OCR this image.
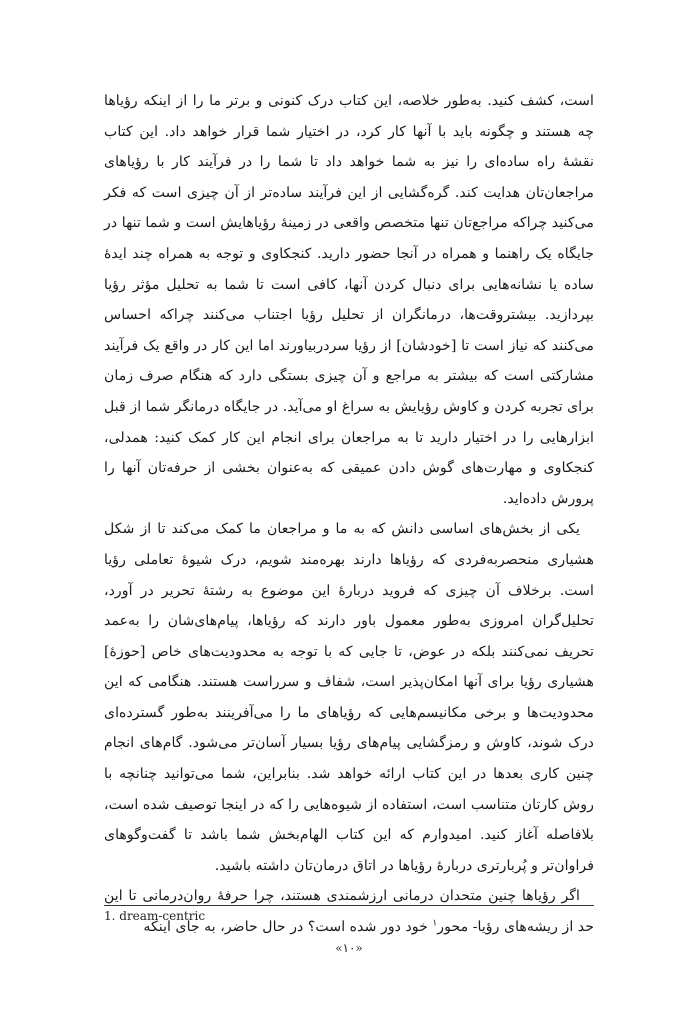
است، کشف کنید. به‌طور خلاصه، این کتاب درک کنونی و برتر ما را از اینکه رؤیاها چه هستند و چگونه باید با آنها کار کرد، در اختیار شما قرار خواهد داد. این کتاب نقشهٔ راه ساده‌ای را نیز به شما خواهد داد تا شما را در فرآیند کار با رؤیاهای مراجعان‌تان هدایت کند. گره‌گشایی از این فرآیند ساده‌تر از آن چیزی است که فکر می‌کنید چراکه مراجع‌تان تنها متخصص واقعی در زمینهٔ رؤیاهایش است و شما تنها در جایگاه یک راهنما و همراه در آنجا حضور دارید. کنجکاوی و توجه به همراه چند ایدهٔ ساده یا نشانه‌هایی برای دنبال کردن آنها، کافی است تا شما به تحلیل مؤثر رؤیا بپردازید. بیشتروقت‌ها، درمانگران از تحلیل رؤیا اجتناب می‌کنند چراکه احساس می‌کنند که نیاز است تا [خودشان] از رؤیا سردربیاورند اما این کار در واقع یک فرآیند مشارکتی است که بیشتر به مراجع و آن چیزی بستگی دارد که هنگام صرف زمان برای تجربه کردن و کاوش رؤیایش به سراغ او می‌آید. در جایگاه درمانگر شما از قبل ابزارهایی را در اختیار دارید تا به مراجعان برای انجام این کار کمک کنید: همدلی، کنجکاوی و مهارت‌های گوش دادن عمیقی که به‌عنوان بخشی از حرفه‌تان آنها را پرورش داده‌اید.

یکی از بخش‌های اساسی دانش که به ما و مراجعان ما کمک می‌کند تا از شکل هشیاری منحصربه‌فردی که رؤیاها دارند بهره‌مند شویم، درک شیوهٔ تعاملی رؤیا است. برخلاف آن چیزی که فروید دربارهٔ این موضوع به رشتهٔ تحریر در آورد، تحلیل‌گران امروزی به‌طور معمول باور دارند که رؤیاها، پیام‌های‌شان را به‌عمد تحریف نمی‌کنند بلکه در عوض، تا جایی که با توجه به محدودیت‌های خاص [حوزهٔ] هشیاری رؤیا برای آنها امکان‌پذیر است، شفاف و سرراست هستند. هنگامی که این محدودیت‌ها و برخی مکانیسم‌هایی که رؤیاهای ما را می‌آفرینند به‌طور گسترده‌ای درک شوند، کاوش و رمزگشایی پیام‌های رؤیا بسیار آسان‌تر می‌شود. گام‌های انجام چنین کاری بعدها در این کتاب ارائه خواهد شد. بنابراین، شما می‌توانید چنانچه با روش کارتان متناسب است، استفاده از شیوه‌هایی را که در اینجا توصیف شده است، بلافاصله آغاز کنید. امیدوارم که این کتاب الهام‌بخش شما باشد تا گفت‌وگوهای فراوان‌تر و پُربارتری دربارهٔ رؤیاها در اتاق درمان‌تان داشته باشید.

اگر رؤیاها چنین متحدان درمانی ارزشمندی هستند، چرا حرفهٔ روان‌درمانی تا این حد از ریشه‌های رؤیا- محور$^۱$ خود دور شده است؟ در حال حاضر، به جای اینکه

1. dream-centric
«۱۰»
